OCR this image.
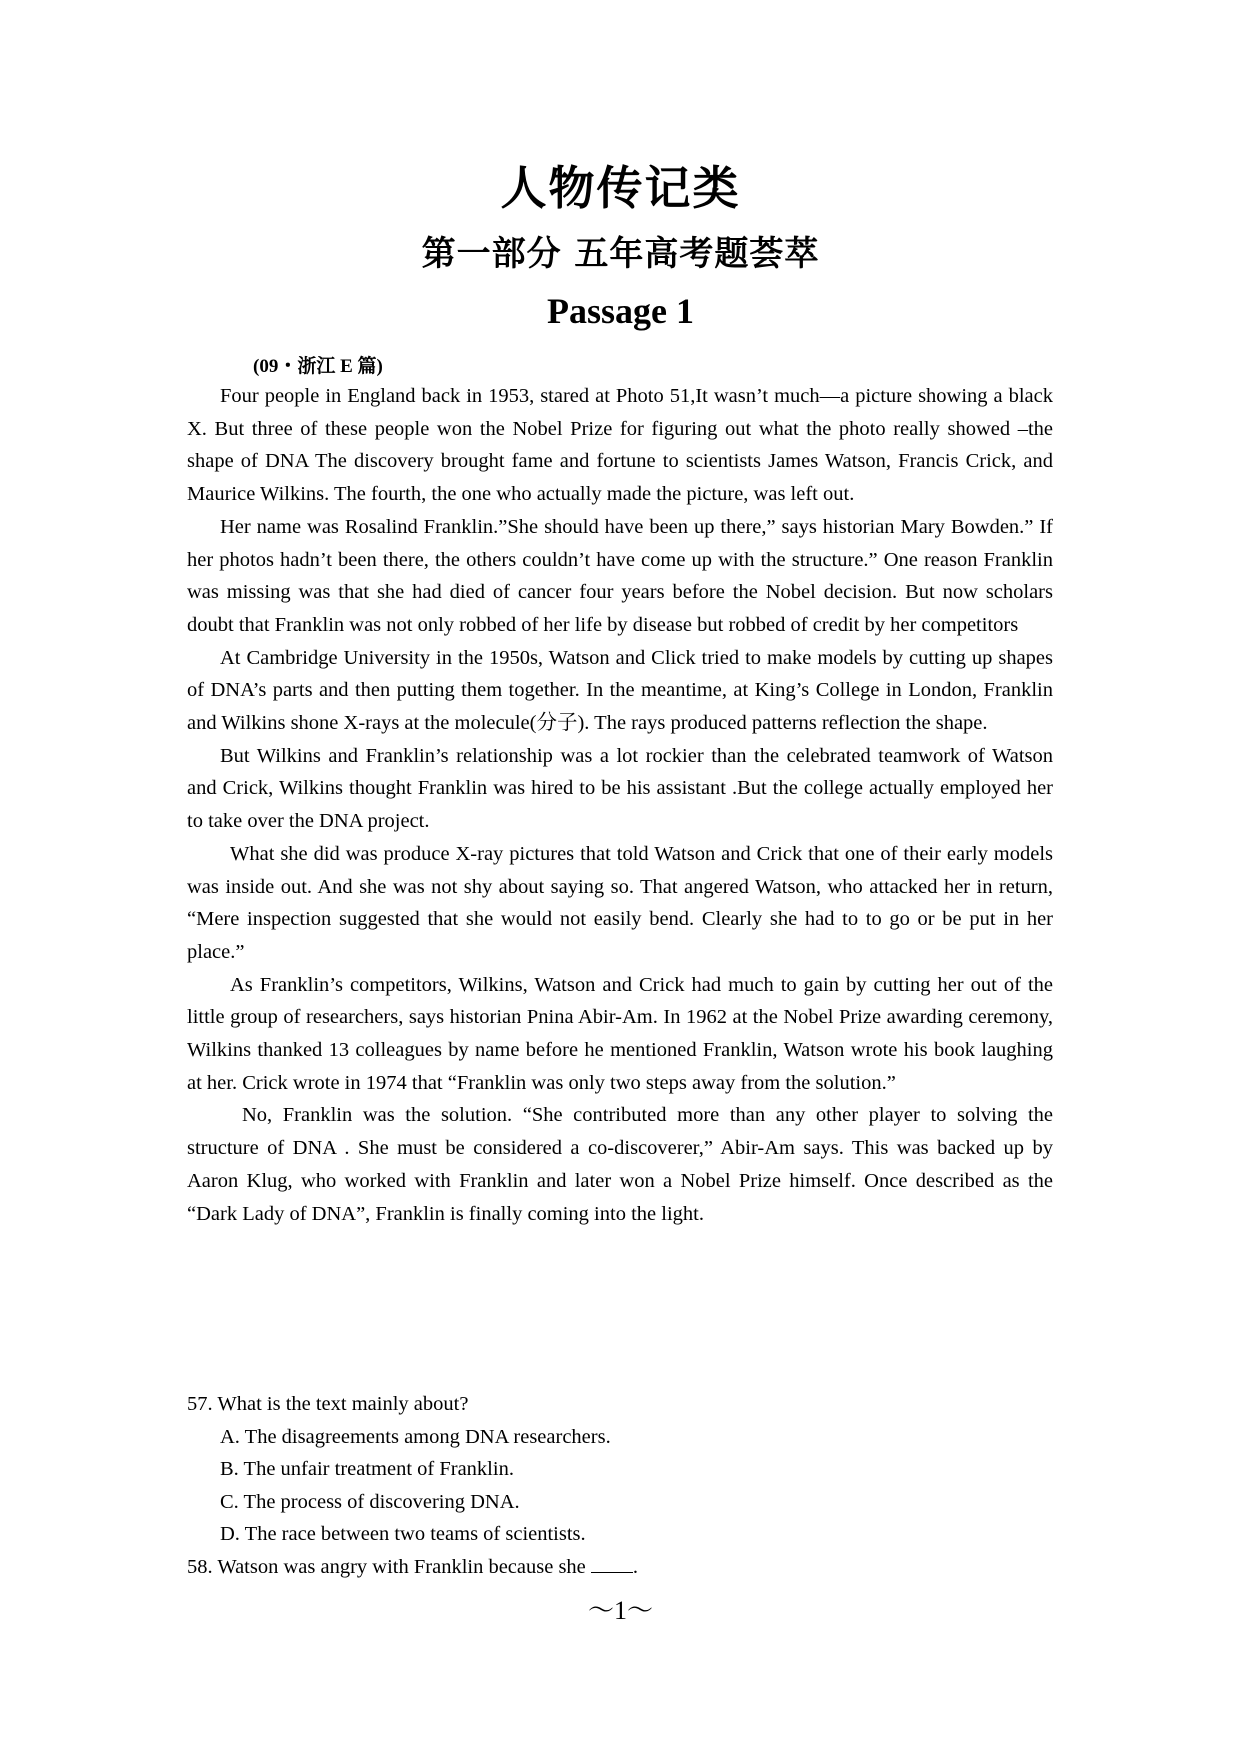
人物传记类
第一部分 五年高考题荟萃
Passage 1
(09・浙江 E 篇)

Four people in England back in 1953, stared at Photo 51,It wasn’t much—a picture showing a black X. But three of these people won the Nobel Prize for figuring out what the photo really showed –the shape of DNA The discovery brought fame and fortune to scientists James Watson, Francis Crick, and Maurice Wilkins. The fourth, the one who actually made the picture, was left out.

Her name was Rosalind Franklin.”She should have been up there,” says historian Mary Bowden.” If her photos hadn’t been there, the others couldn’t have come up with the structure.” One reason Franklin was missing was that she had died of cancer four years before the Nobel decision. But now scholars doubt that Franklin was not only robbed of her life by disease but robbed of credit by her competitors

At Cambridge University in the 1950s, Watson and Click tried to make models by cutting up shapes of DNA’s parts and then putting them together. In the meantime, at King’s College in London, Franklin and Wilkins shone X-rays at the molecule(分子). The rays produced patterns reflection the shape.

But Wilkins and Franklin’s relationship was a lot rockier than the celebrated teamwork of Watson and Crick, Wilkins thought Franklin was hired to be his assistant .But the college actually employed her to take over the DNA project.

What she did was produce X-ray pictures that told Watson and Crick that one of their early models was inside out. And she was not shy about saying so. That angered Watson, who attacked her in return, “Mere inspection suggested that she would not easily bend. Clearly she had to to go or be put in her place.”

As Franklin’s competitors, Wilkins, Watson and Crick had much to gain by cutting her out of the little group of researchers, says historian Pnina Abir-Am. In 1962 at the Nobel Prize awarding ceremony, Wilkins thanked 13 colleagues by name before he mentioned Franklin, Watson wrote his book laughing at her. Crick wrote in 1974 that “Franklin was only two steps away from the solution.”

No, Franklin was the solution. “She contributed more than any other player to solving the structure of DNA . She must be considered a co-discoverer,” Abir-Am says. This was backed up by Aaron Klug, who worked with Franklin and later won a Nobel Prize himself. Once described as the “Dark Lady of DNA”, Franklin is finally coming into the light.

57. What is the text mainly about?

A. The disagreements among DNA researchers.

B. The unfair treatment of Franklin.

C. The process of discovering DNA.

D. The race between two teams of scientists.

58. Watson was angry with Franklin because she .

～1～
